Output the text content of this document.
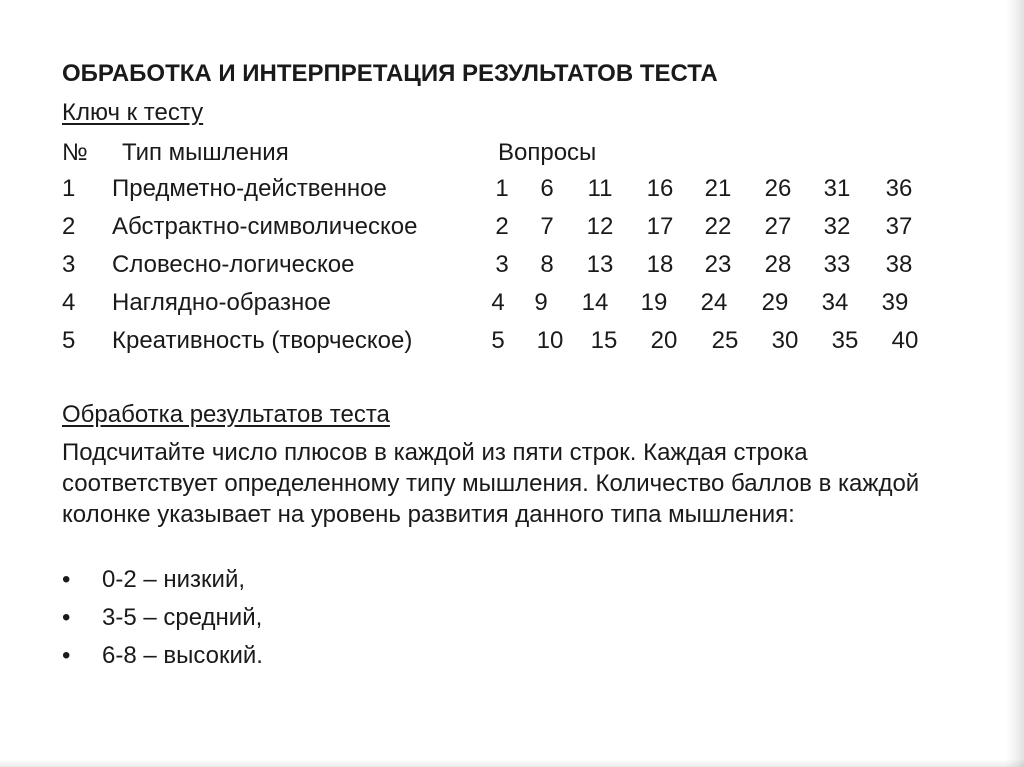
ОБРАБОТКА И ИНТЕРПРЕТАЦИЯ РЕЗУЛЬТАТОВ ТЕСТА
Ключ к тесту
№ Тип мышления	Вопросы
1 Предметно-действенное	1	6	11	16	21	26	31	36
2 Абстрактно-символическое	2	7	12	17	22	27	32	37
3 Словесно-логическое	3	8	13	18	23	28	33	38
4 Наглядно-образное	4	9	14	19	24	29	34	39
5 Креативность (творческое)	5	10	15	20	25	30	35	40
Обработка результатов теста

Подсчитайте число плюсов в каждой из пяти строк. Каждая строка соответствует определенному типу мышления. Количество баллов в каждой колонке указывает на уровень развития данного типа мышления:

• 0-2 – низкий,
• 3-5 – средний,
• 6-8 – высокий.
